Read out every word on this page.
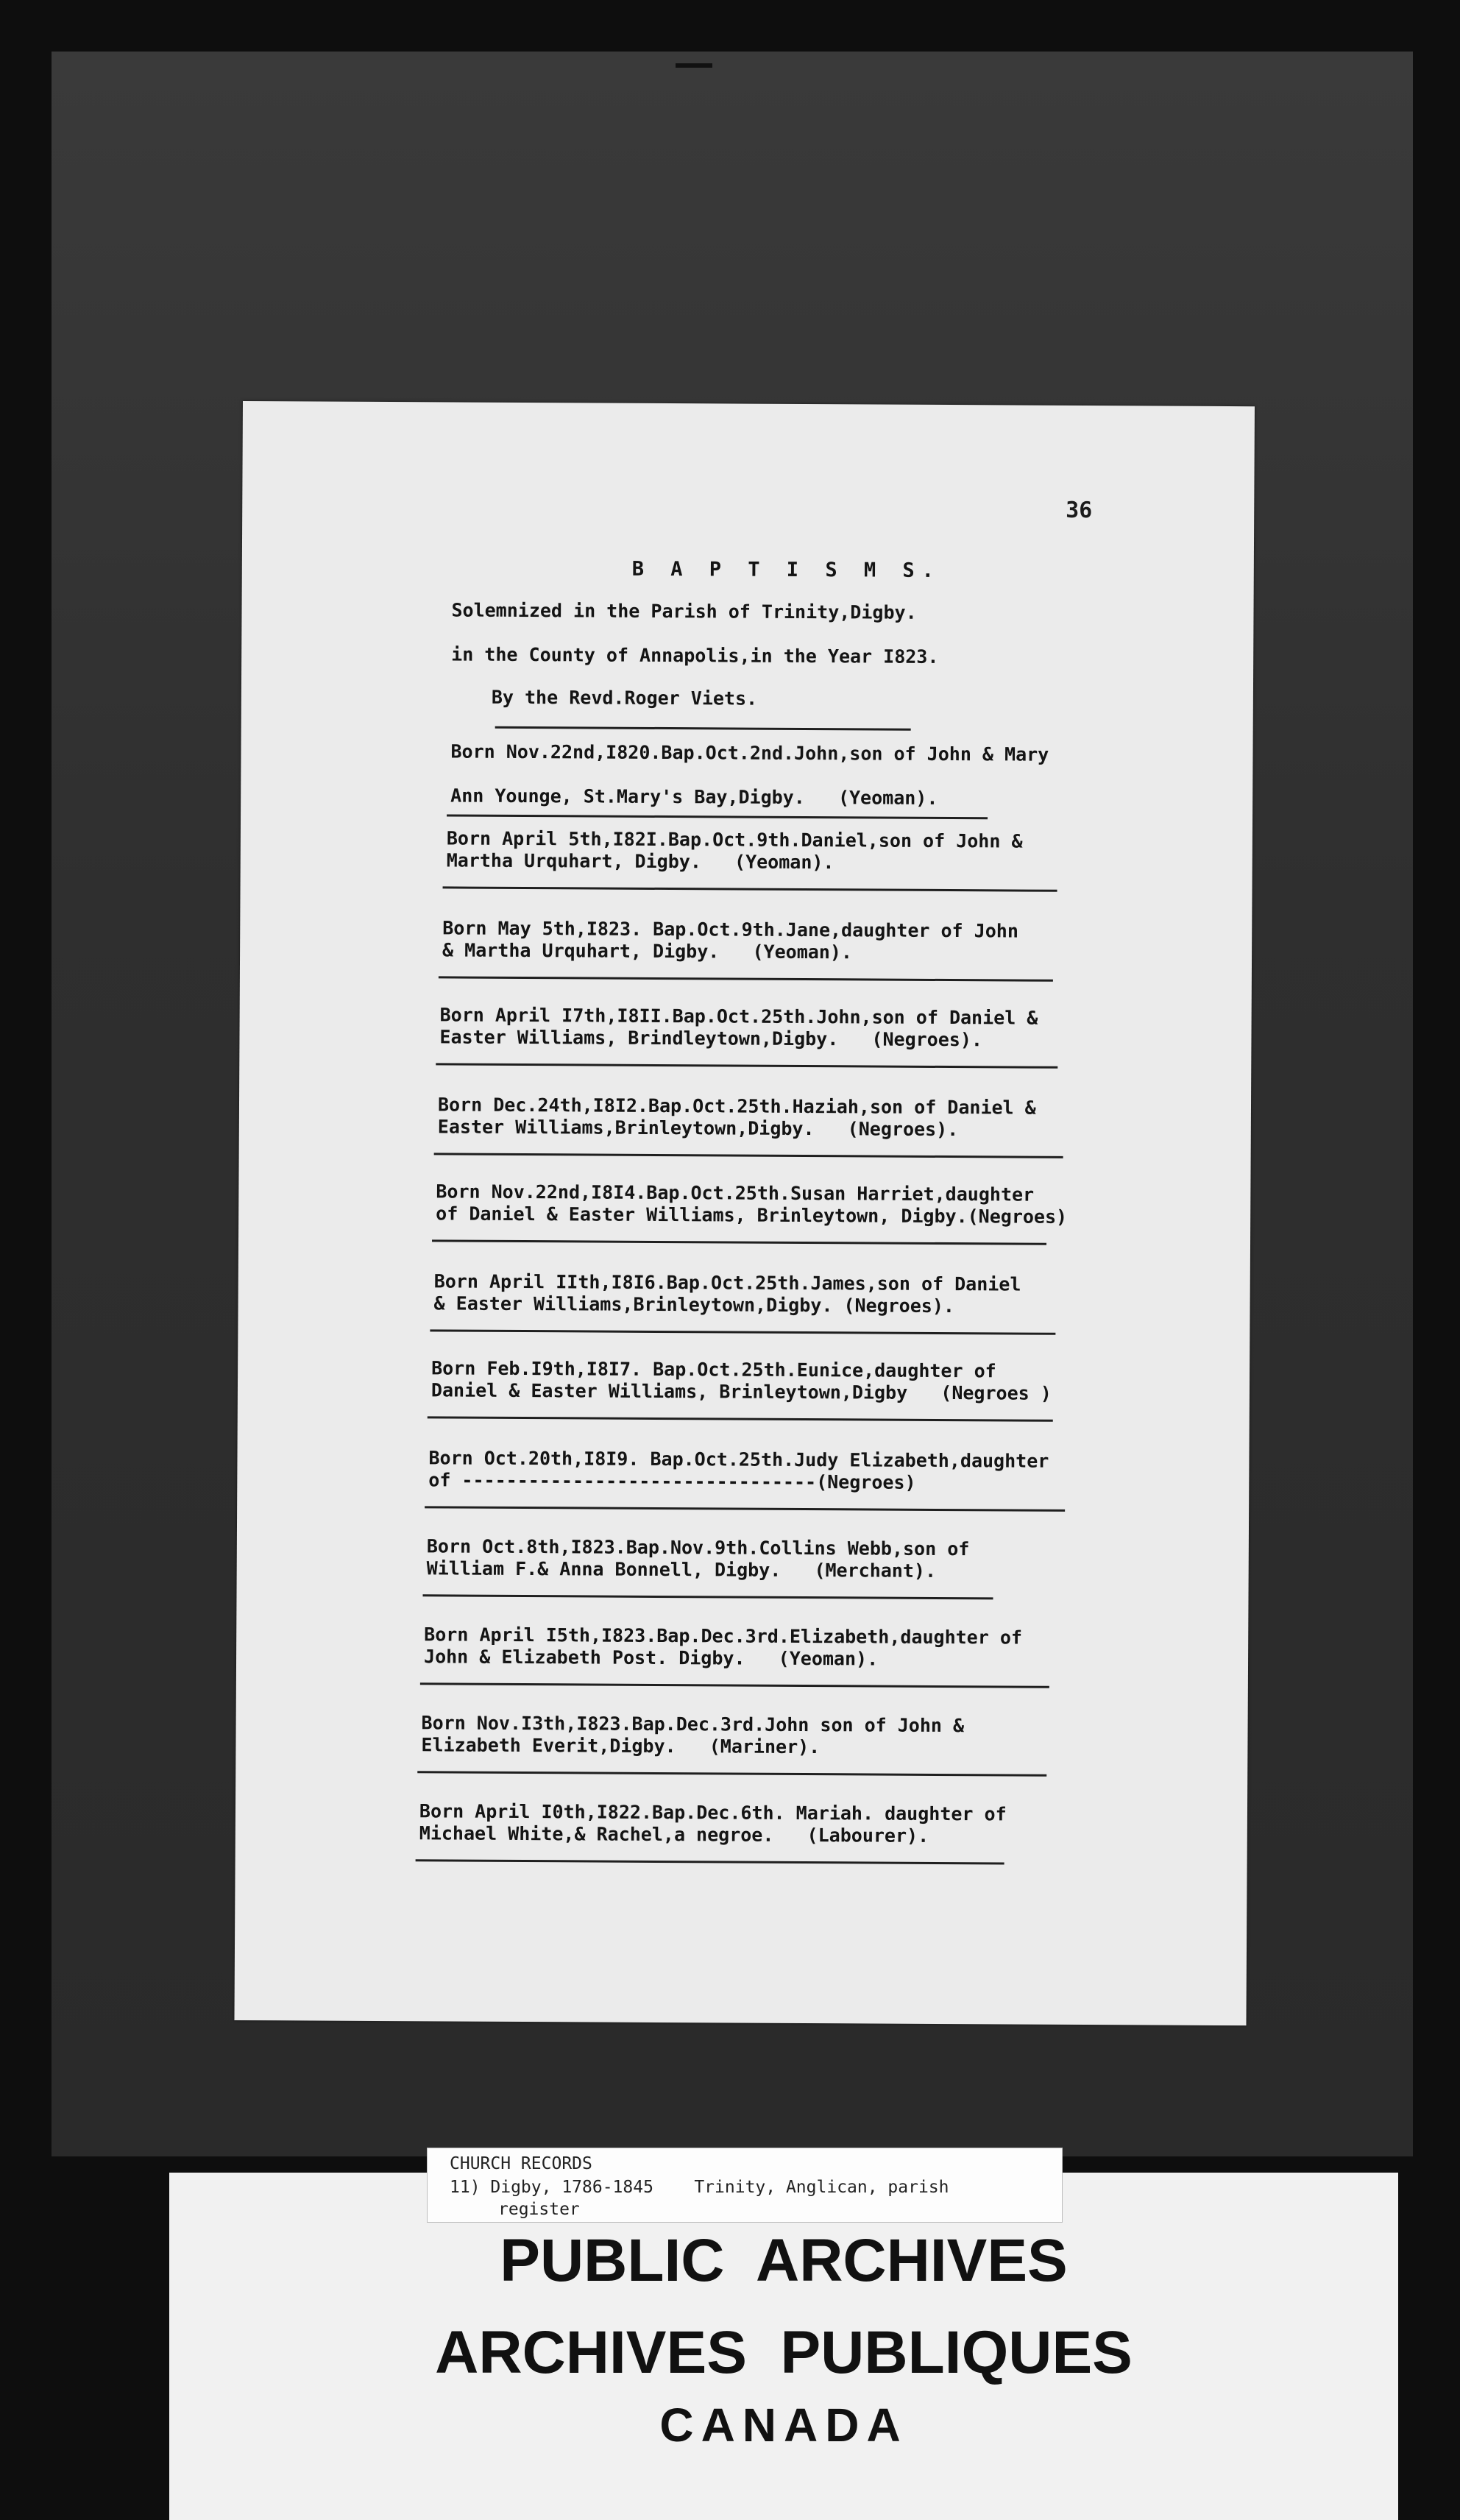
36
B A P T I S M S.
Solemnized in the Parish of Trinity,Digby.
in the County of Annapolis,in the Year I823.
By the Revd.Roger Viets.
Born Nov.22nd,I820.Bap.Oct.2nd.John,son of John & Mary
Ann Younge, St.Mary's Bay,Digby.   (Yeoman).
Born April 5th,I82I.Bap.Oct.9th.Daniel,son of John &
Martha Urquhart, Digby.   (Yeoman).
Born May 5th,I823. Bap.Oct.9th.Jane,daughter of John
& Martha Urquhart, Digby.   (Yeoman).
Born April I7th,I8II.Bap.Oct.25th.John,son of Daniel &
Easter Williams, Brindleytown,Digby.   (Negroes).
Born Dec.24th,I8I2.Bap.Oct.25th.Haziah,son of Daniel &
Easter Williams,Brinleytown,Digby.   (Negroes).
Born Nov.22nd,I8I4.Bap.Oct.25th.Susan Harriet,daughter
of Daniel & Easter Williams, Brinleytown, Digby.(Negroes)
Born April IIth,I8I6.Bap.Oct.25th.James,son of Daniel
& Easter Williams,Brinleytown,Digby. (Negroes).
Born Feb.I9th,I8I7. Bap.Oct.25th.Eunice,daughter of
Daniel & Easter Williams, Brinleytown,Digby   (Negroes )
Born Oct.20th,I8I9. Bap.Oct.25th.Judy Elizabeth,daughter
of --------------------------------(Negroes)
Born Oct.8th,I823.Bap.Nov.9th.Collins Webb,son of
William F.& Anna Bonnell, Digby.   (Merchant).
Born April I5th,I823.Bap.Dec.3rd.Elizabeth,daughter of
John & Elizabeth Post. Digby.   (Yeoman).
Born Nov.I3th,I823.Bap.Dec.3rd.John son of John &
Elizabeth Everit,Digby.   (Mariner).
Born April I0th,I822.Bap.Dec.6th. Mariah. daughter of
Michael White,& Rachel,a negroe.   (Labourer).
CHURCH RECORDS
11) Digby, 1786-1845    Trinity, Anglican, parish
register
PUBLIC  ARCHIVES
ARCHIVES  PUBLIQUES
CANADA
